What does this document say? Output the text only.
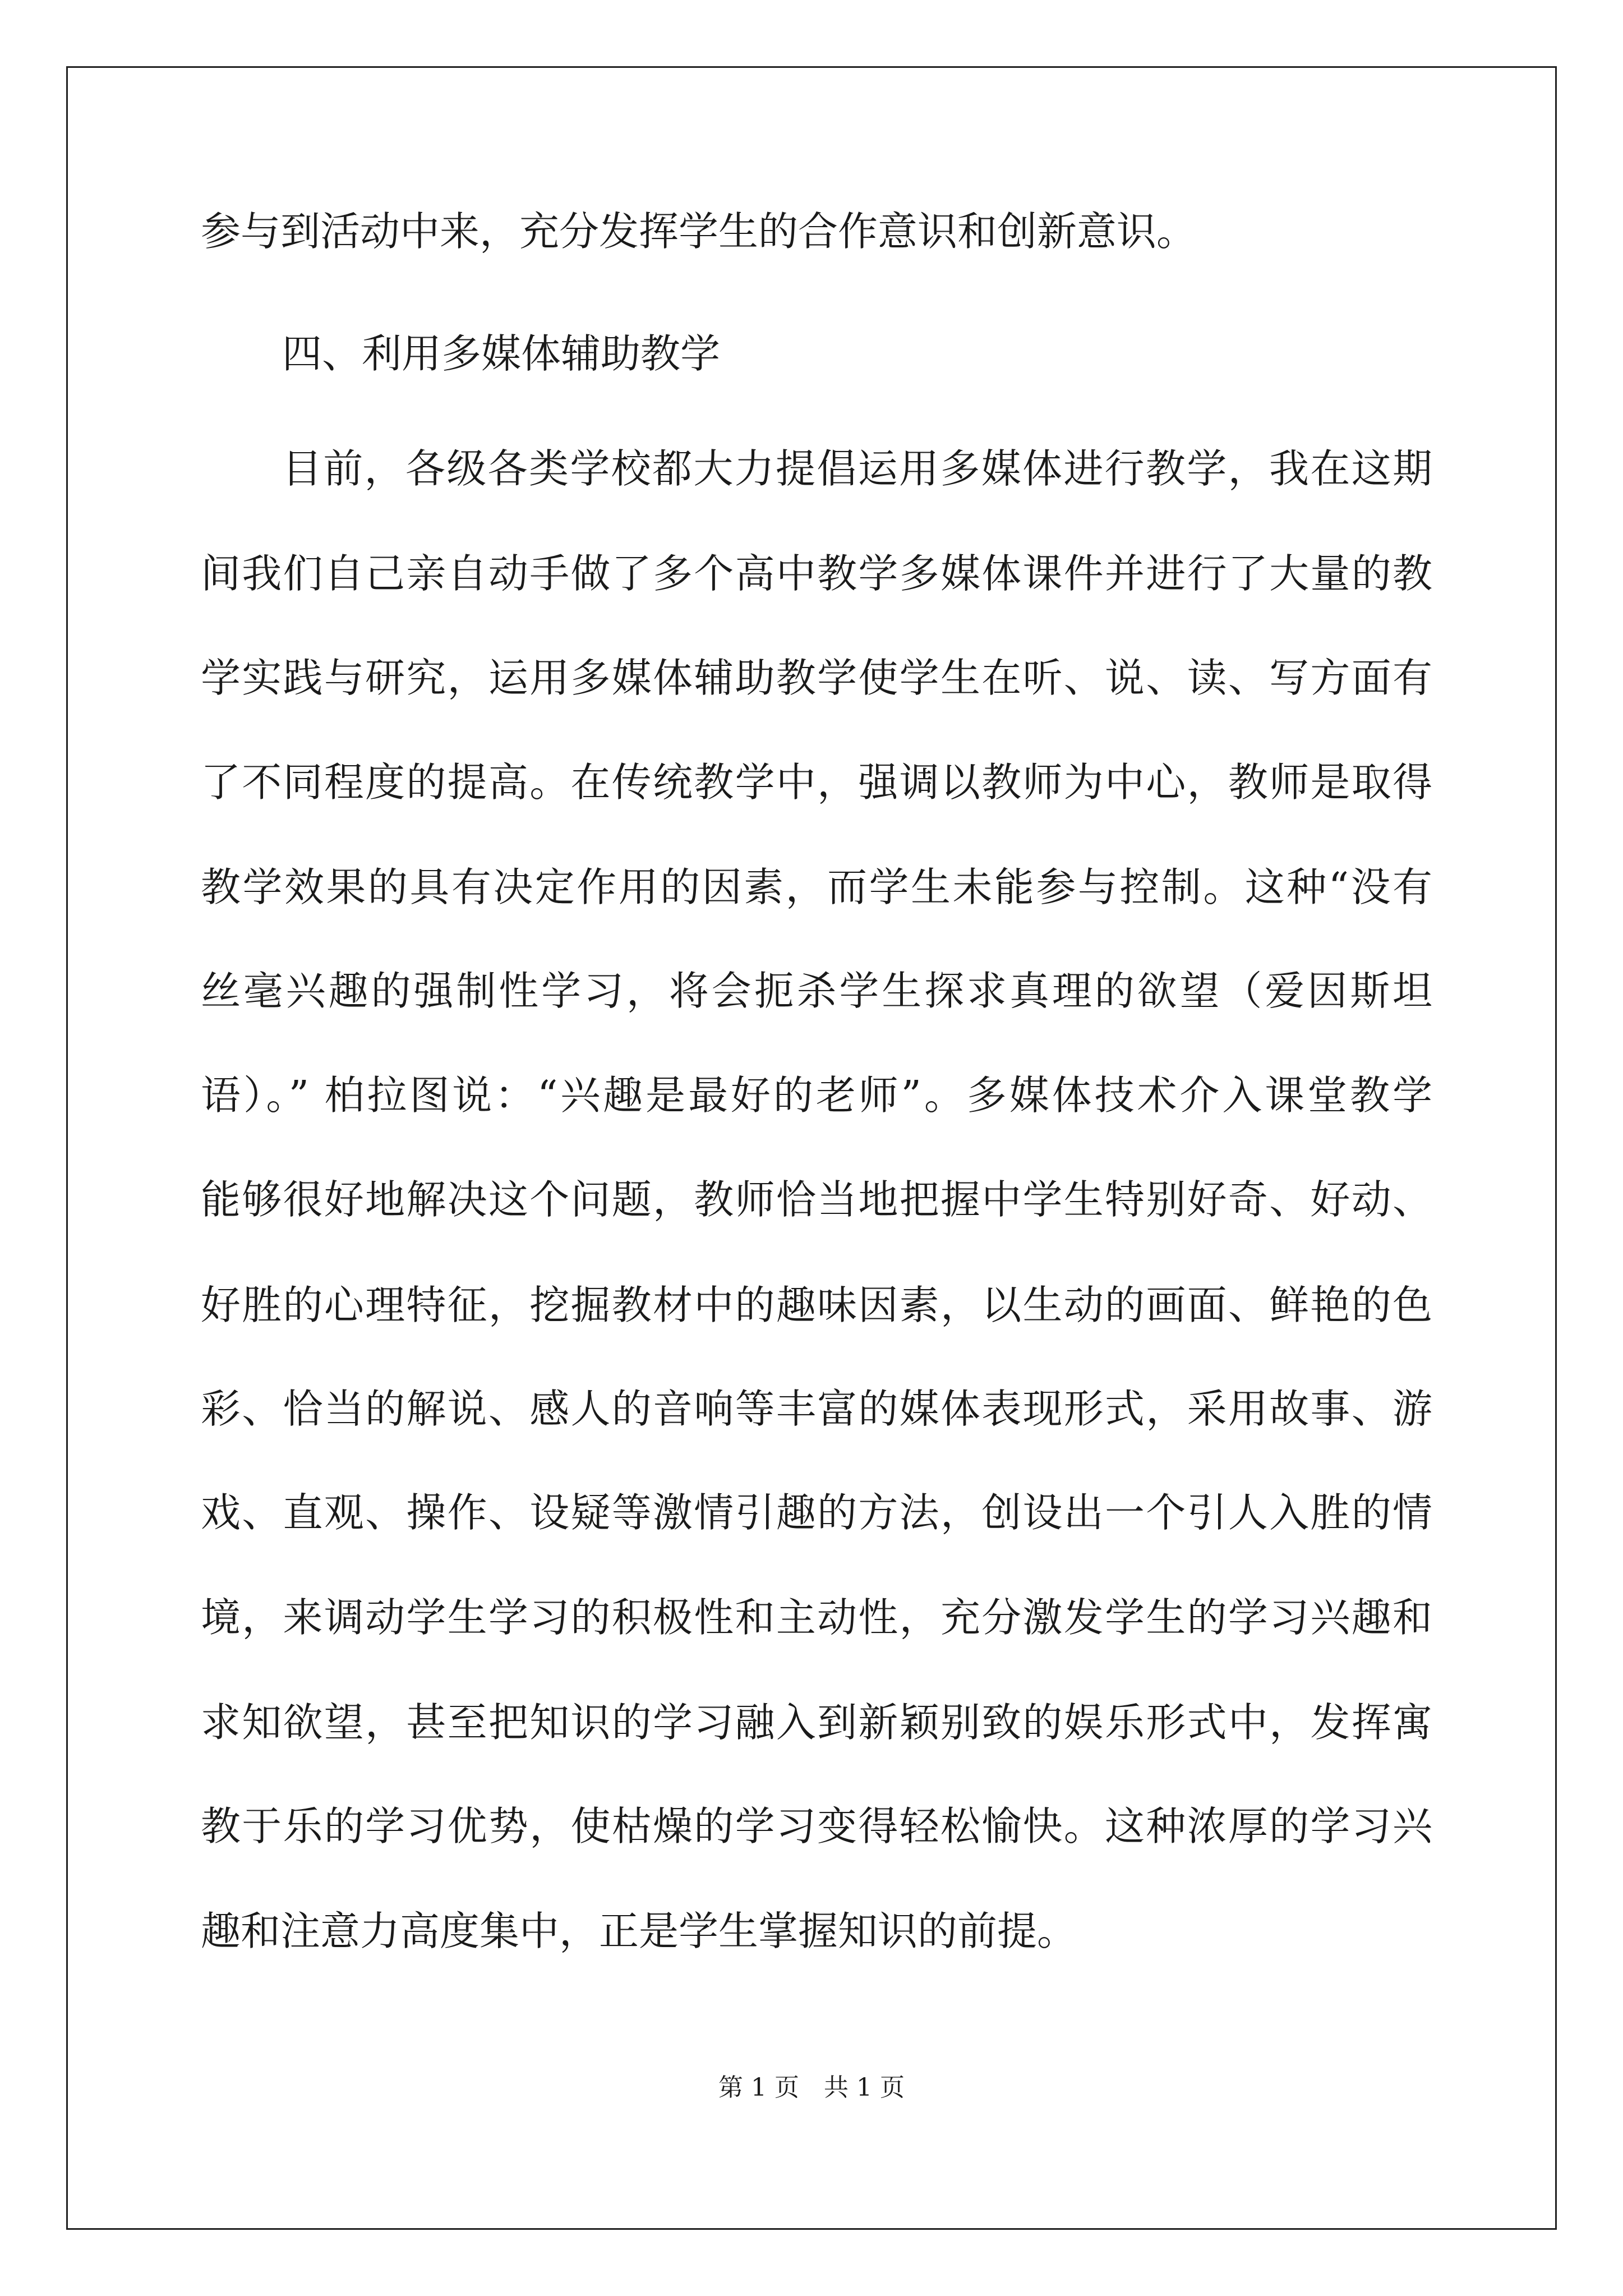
参与到活动中来，充分发挥学生的合作意识和创新意识。
四、利用多媒体辅助教学
目前，各级各类学校都大力提倡运用多媒体进行教学，我在这期
间我们自己亲自动手做了多个高中教学多媒体课件并进行了大量的教
学实践与研究，运用多媒体辅助教学使学生在听、说、读、写方面有
了不同程度的提高。在传统教学中，强调以教师为中心，教师是取得
教学效果的具有决定作用的因素，而学生未能参与控制。这种“没有
丝毫兴趣的强制性学习，将会扼杀学生探求真理的欲望（爱因斯坦
语）。” 柏拉图说：“兴趣是最好的老师”。多媒体技术介入课堂教学
能够很好地解决这个问题，教师恰当地把握中学生特别好奇、好动、
好胜的心理特征，挖掘教材中的趣味因素，以生动的画面、鲜艳的色
彩、恰当的解说、感人的音响等丰富的媒体表现形式，采用故事、游
戏、直观、操作、设疑等激情引趣的方法，创设出一个引人入胜的情
境，来调动学生学习的积极性和主动性，充分激发学生的学习兴趣和
求知欲望，甚至把知识的学习融入到新颖别致的娱乐形式中，发挥寓
教于乐的学习优势，使枯燥的学习变得轻松愉快。这种浓厚的学习兴
趣和注意力高度集中，正是学生掌握知识的前提。
第 1 页　共 1 页
